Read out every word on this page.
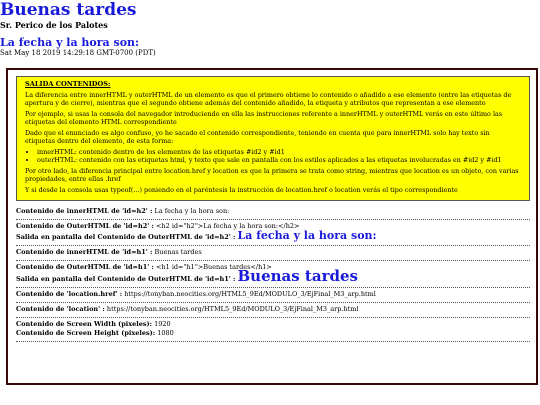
Buenas tardes
Sr. Perico de los Palotes
La fecha y la hora son:
Sat May 18 2019 14:29:18 GMT-0700 (PDT)
SALIDA CONTENIDOS:

La diferencia entre innerHTML y outerHTML de un elemento es que el primero obtiene lo contenido o añadido a ese elemento (entre las etiquetas de apertura y de cierre), mientras que el segundo obtiene además del contenido añadido, la etiqueta y atributos que representan a ese elemento

Por ejemplo, si usas la consola del navegador introduciendo en ella las instrucciones referente a innerHTML y outerHTML verás en este último las etiquetas del elemento HTML correspondiente

Dado que el enunciado es algo confuso, yo he sacado el contenido correspondiente, teniendo en cuenta que para innerHTML solo hay texto sin etiquetas dentro del elemento, de esta forma:

• innerHTML: contenido dentro de los elementos de las etiquetas #id2 y #id1
• outerHTML: contenido con las etiquetas html, y texto que sale en pantalla con los estilos aplicados a las etiquetas involucradas en #id2 y #id1

Por otro lado, la diferencia principal entre location.href y location es que la primera se trata como string, mientras que location es un objeto, con varias propiedades, entre ellas .href

Y si desde la consola usas typeof(...) poniendo en el paréntesis la instrucción de location.href o location verás el tipo correspondiente

Contenido de innerHTML de 'id=h2' : La fecha y la hora son:
Contenido de OuterHTML de 'id=h2' : <h2 id="h2">La fecha y la hora son:</h2>
Salida en pantalla del Contenido de OuterHTML de 'id=h2' : La fecha y la hora son:
Contenido de innerHTML de 'id=h1' : Buenas tardes
Contenido de OuterHTML de 'id=h1' : <h1 id="h1">Buenas tardes</h1>
Salida en pantalla del Contenido de OuterHTML de 'id=h1' : Buenas tardes
Contenido de 'location.href' : https://tonyban.neocities.org/HTML5_9Ed/MODULO_3/EjFinal_M3_arp.html
Contenido de 'location' : https://tonyban.neocities.org/HTML5_9Ed/MODULO_3/EjFinal_M3_arp.html
Contenido de Screen Width (pixeles): 1920
Contenido de Screen Height (pixeles): 1080
